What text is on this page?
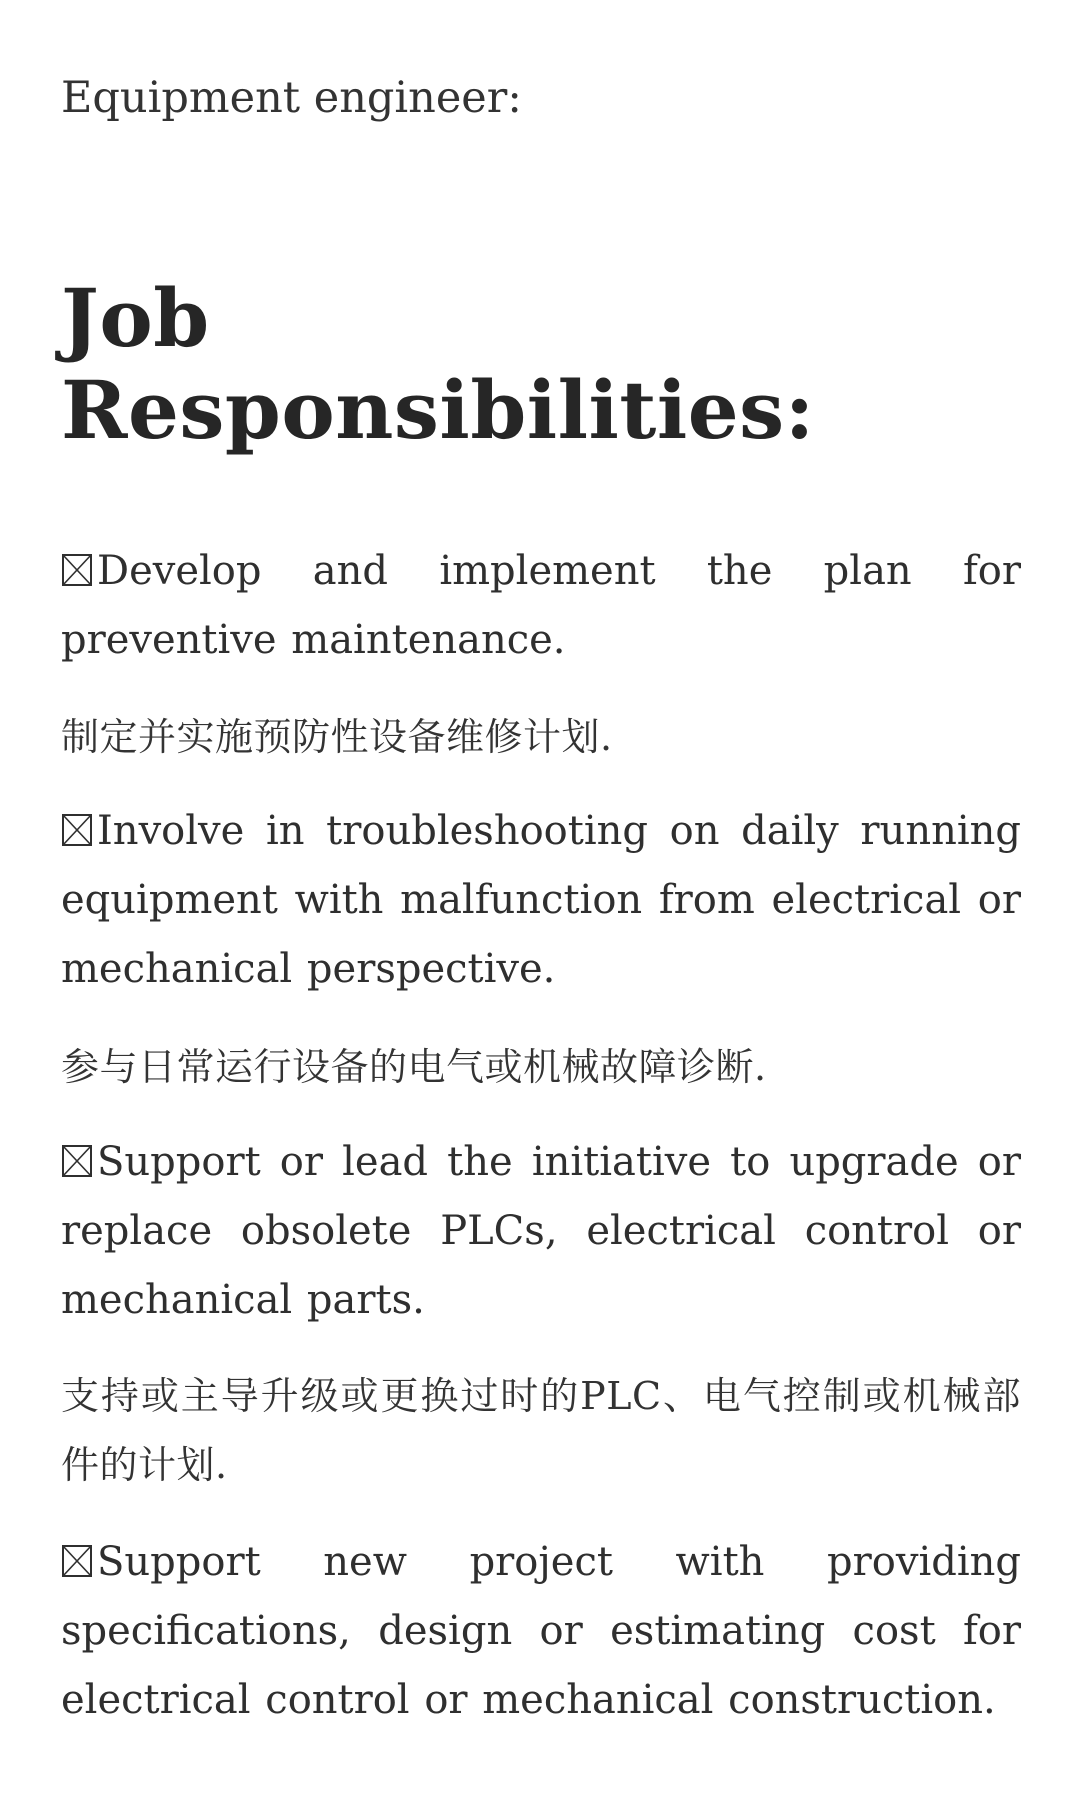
Equipment engineer:
Job
Responsibilities:

Develop and implement the plan for preventive maintenance.

制定并实施预防性设备维修计划.

Involve in troubleshooting on daily running equipment with malfunction from electrical or mechanical perspective.

参与日常运行设备的电气或机械故障诊断.

Support or lead the initiative to upgrade or replace obsolete PLCs, electrical control or mechanical parts.

支持或主导升级或更换过时的PLC、电气控制或机械部件的计划.

Support new project with providing specifications, design or estimating cost for electrical control or mechanical construction.
